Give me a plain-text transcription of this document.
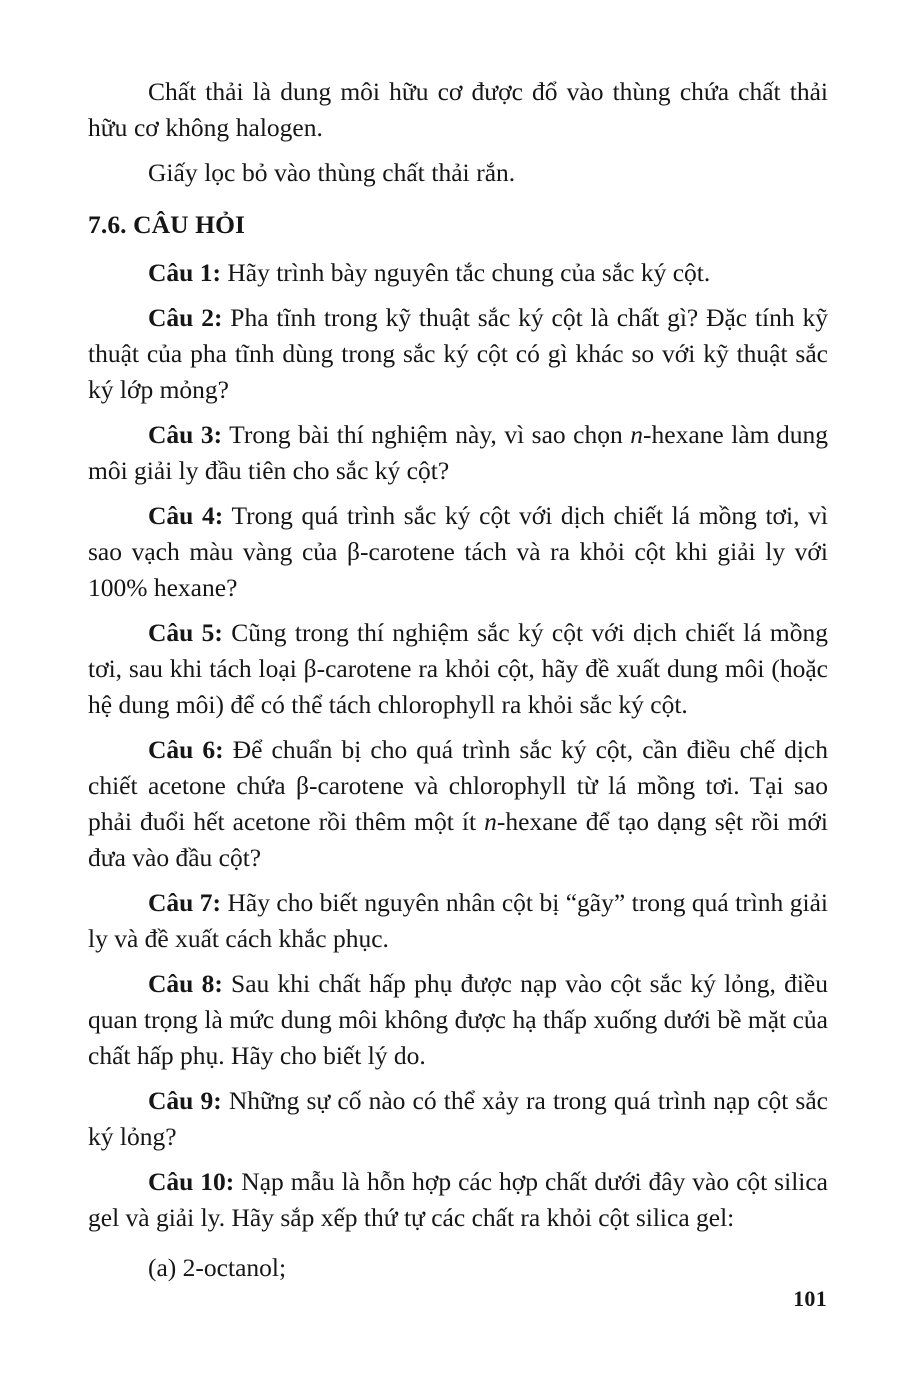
Chất thải là dung môi hữu cơ được đổ vào thùng chứa chất thải hữu cơ không halogen.

Giấy lọc bỏ vào thùng chất thải rắn.

7.6. CÂU HỎI

Câu 1: Hãy trình bày nguyên tắc chung của sắc ký cột.

Câu 2: Pha tĩnh trong kỹ thuật sắc ký cột là chất gì? Đặc tính kỹ thuật của pha tĩnh dùng trong sắc ký cột có gì khác so với kỹ thuật sắc ký lớp mỏng?

Câu 3: Trong bài thí nghiệm này, vì sao chọn n-hexane làm dung môi giải ly đầu tiên cho sắc ký cột?

Câu 4: Trong quá trình sắc ký cột với dịch chiết lá mồng tơi, vì sao vạch màu vàng của β-carotene tách và ra khỏi cột khi giải ly với 100% hexane?

Câu 5: Cũng trong thí nghiệm sắc ký cột với dịch chiết lá mồng tơi, sau khi tách loại β-carotene ra khỏi cột, hãy đề xuất dung môi (hoặc hệ dung môi) để có thể tách chlorophyll ra khỏi sắc ký cột.

Câu 6: Để chuẩn bị cho quá trình sắc ký cột, cần điều chế dịch chiết acetone chứa β-carotene và chlorophyll từ lá mồng tơi. Tại sao phải đuổi hết acetone rồi thêm một ít n-hexane để tạo dạng sệt rồi mới đưa vào đầu cột?

Câu 7: Hãy cho biết nguyên nhân cột bị “gãy” trong quá trình giải ly và đề xuất cách khắc phục.

Câu 8: Sau khi chất hấp phụ được nạp vào cột sắc ký lỏng, điều quan trọng là mức dung môi không được hạ thấp xuống dưới bề mặt của chất hấp phụ. Hãy cho biết lý do.

Câu 9: Những sự cố nào có thể xảy ra trong quá trình nạp cột sắc ký lỏng?

Câu 10: Nạp mẫu là hỗn hợp các hợp chất dưới đây vào cột silica gel và giải ly. Hãy sắp xếp thứ tự các chất ra khỏi cột silica gel:

(a) 2-octanol;

101
